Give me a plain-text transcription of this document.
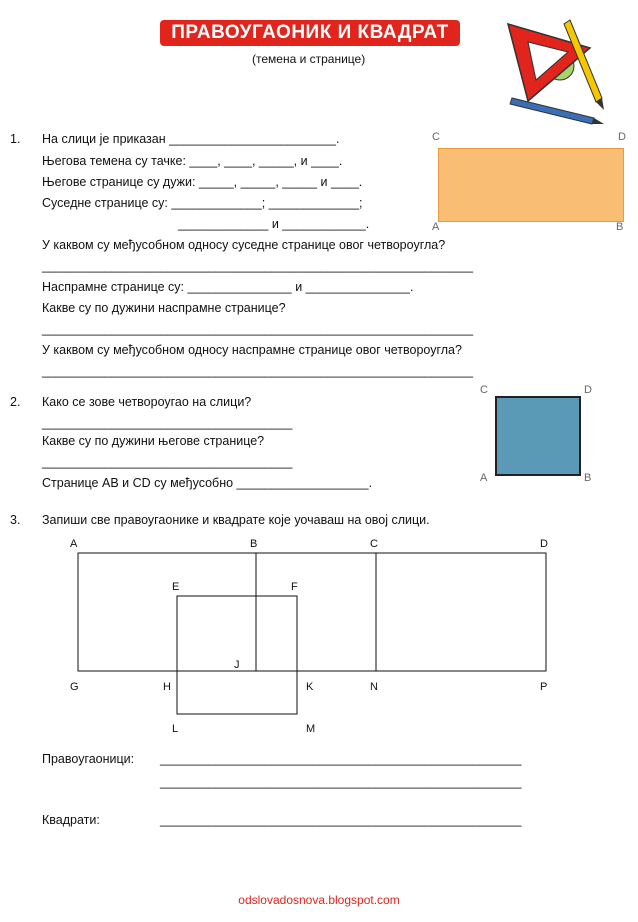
ПРАВОУГАОНИК И КВАДРАТ
(темена и странице)
1. На слици је приказан ________________________.
Његова темена су тачке: ____, ____, _____, и ____.
Његове странице су дужи: _____, _____, _____ и ____.
Суседне странице су: _____________; _____________;
_____________ и ____________.
У каквом су међусобном односу суседне странице овог четвороугла?
______________________________________________________________
Наспрамне странице су: _______________ и _______________.
Какве су по дужини наспрамне странице?
______________________________________________________________
У каквом су међусобном односу наспрамне странице овог четвороугла?
______________________________________________________________
C	D
A	B
2. Како се зове четвороугао на слици?
____________________________________
Какве су по дужини његове странице?
____________________________________
Странице AB и CD су међусобно ___________________.
C	D
A	B
3. Запиши све правоугаонике и квадрате које уочаваш на овој слици.
A	B	C	D
E	F
J
G	H	K	N	P
L	M
Правоугаоници: ____________________________________________________
____________________________________________________
Квадрати:	____________________________________________________
odslovadosnova.blogspot.com
